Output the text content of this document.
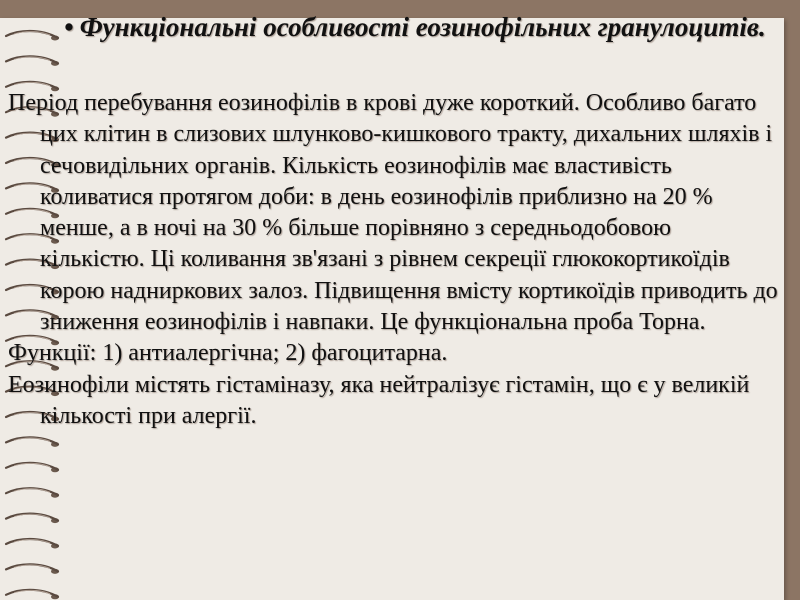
• Функціональні особливості еозинофільних гранулоцитів.

Період перебування еозинофілів в крові дуже короткий. Особливо багато цих клітин в слизових шлунково-кишкового тракту, дихальних шляхів і сечовидільних органів. Кількість еозинофілів має властивість коливатися протягом доби: в день еозинофілів приблизно на 20 % менше, а в ночі на 30 % більше порівняно з середньодобовою кількістю. Ці коливання зв'язані з рівнем секреції глюкокортикоїдів корою надниркових залоз. Підвищення вмісту кортикоїдів приводить до зниження еозинофілів і навпаки. Це функціональна проба Торна.

Функції: 1) антиалергічна; 2) фагоцитарна.

Еозинофіли містять гістаміназу, яка нейтралізує гістамін, що є у великій кількості при алергії.
